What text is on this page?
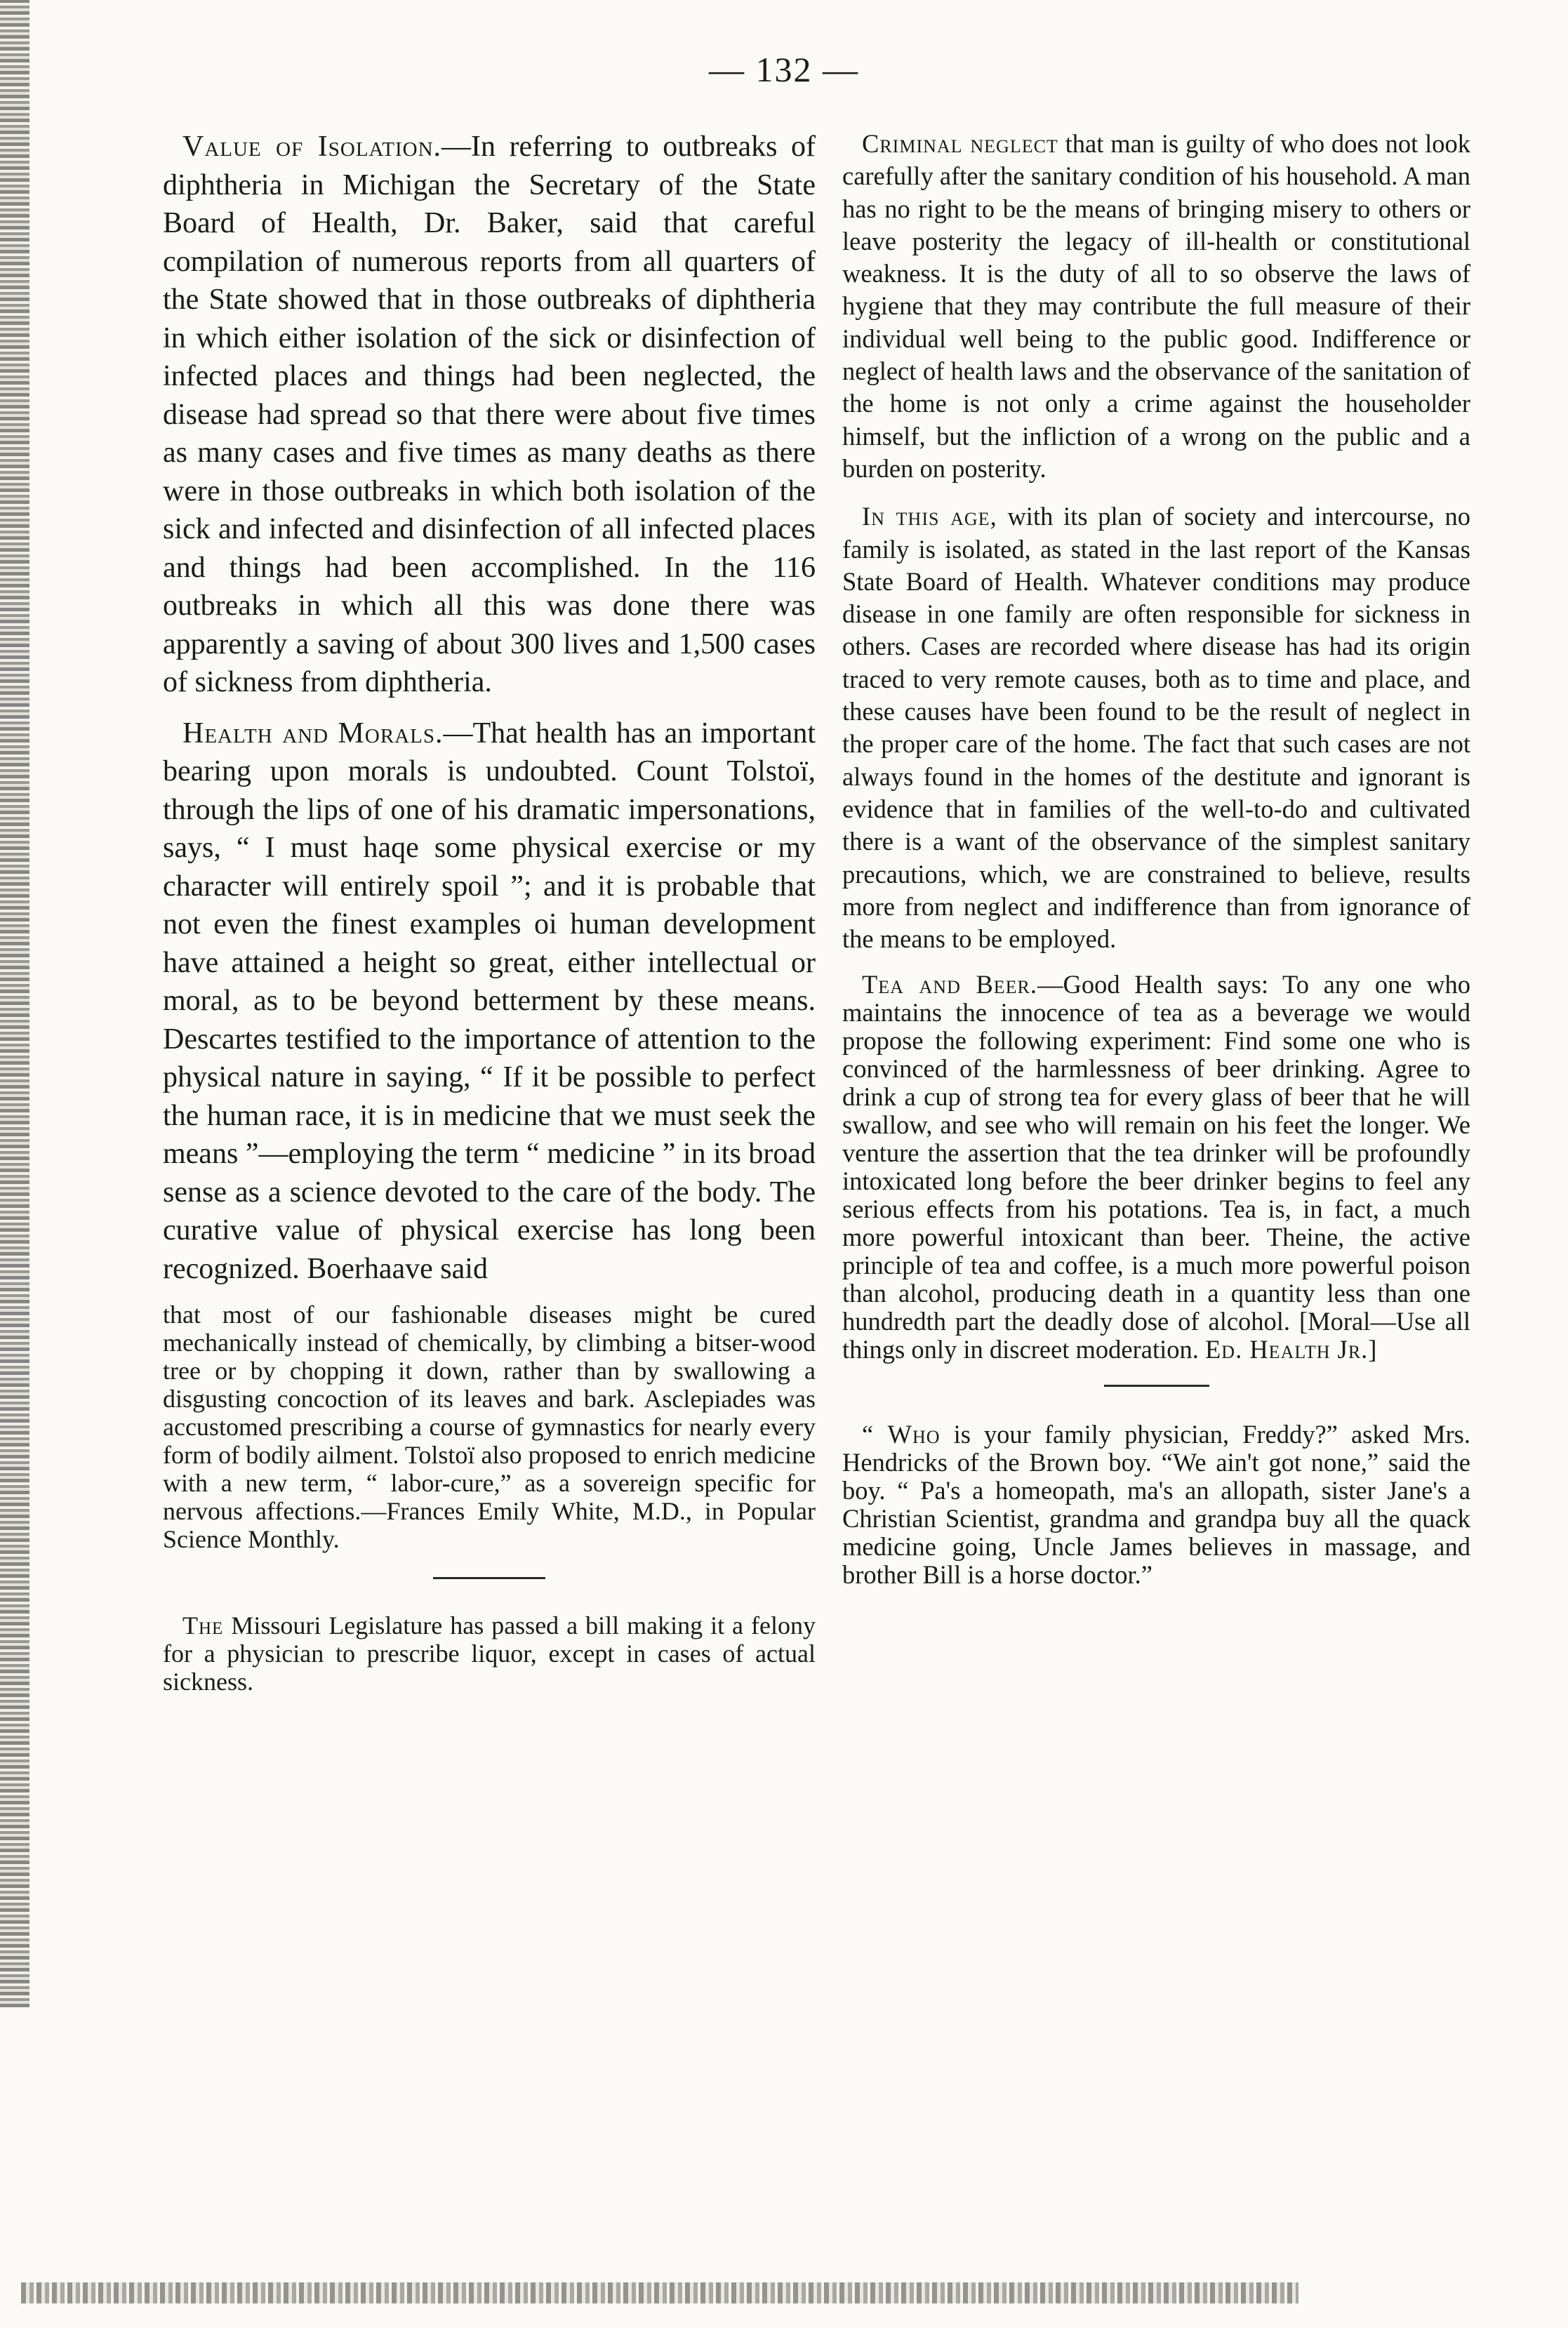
— 132 —

Value of Isolation.—In referring to outbreaks of diphtheria in Michigan the Secretary of the State Board of Health, Dr. Baker, said that careful compilation of numerous reports from all quarters of the State showed that in those outbreaks of diphtheria in which either isolation of the sick or disinfection of infected places and things had been neglected, the disease had spread so that there were about five times as many cases and five times as many deaths as there were in those outbreaks in which both isolation of the sick and infected and disinfection of all infected places and things had been accomplished. In the 116 outbreaks in which all this was done there was apparently a saving of about 300 lives and 1,500 cases of sickness from diphtheria.

Health and Morals.—That health has an important bearing upon morals is undoubted. Count Tolstoï, through the lips of one of his dramatic impersonations, says, “ I must haqe some physical exercise or my character will entirely spoil ”; and it is probable that not even the finest examples oi human development have attained a height so great, either intellectual or moral, as to be beyond betterment by these means. Descartes testified to the importance of attention to the physical nature in saying, “ If it be possible to perfect the human race, it is in medicine that we must seek the means ”—employing the term “ medicine ” in its broad sense as a science devoted to the care of the body. The curative value of physical exercise has long been recognized. Boerhaave said

that most of our fashionable diseases might be cured mechanically instead of chemically, by climbing a bitser-wood tree or by chopping it down, rather than by swallowing a disgusting concoction of its leaves and bark. Asclepiades was accustomed prescribing a course of gymnastics for nearly every form of bodily ailment. Tolstoï also proposed to enrich medicine with a new term, “ labor-cure,” as a sovereign specific for nervous affections.—Frances Emily White, M.D., in Popular Science Monthly.

The Missouri Legislature has passed a bill making it a felony for a physician to prescribe liquor, except in cases of actual sickness.

Criminal neglect that man is guilty of who does not look carefully after the sanitary condition of his household. A man has no right to be the means of bringing misery to others or leave posterity the legacy of ill-health or constitutional weakness. It is the duty of all to so observe the laws of hygiene that they may contribute the full measure of their individual well being to the public good. Indifference or neglect of health laws and the observance of the sanitation of the home is not only a crime against the householder himself, but the infliction of a wrong on the public and a burden on posterity.

In this age, with its plan of society and intercourse, no family is isolated, as stated in the last report of the Kansas State Board of Health. Whatever conditions may produce disease in one family are often responsible for sickness in others. Cases are recorded where disease has had its origin traced to very remote causes, both as to time and place, and these causes have been found to be the result of neglect in the proper care of the home. The fact that such cases are not always found in the homes of the destitute and ignorant is evidence that in families of the well-to-do and cultivated there is a want of the observance of the simplest sanitary precautions, which, we are constrained to believe, results more from neglect and indifference than from ignorance of the means to be employed.

Tea and Beer.—Good Health says: To any one who maintains the innocence of tea as a beverage we would propose the following experiment: Find some one who is convinced of the harmlessness of beer drinking. Agree to drink a cup of strong tea for every glass of beer that he will swallow, and see who will remain on his feet the longer. We venture the assertion that the tea drinker will be profoundly intoxicated long before the beer drinker begins to feel any serious effects from his potations. Tea is, in fact, a much more powerful intoxicant than beer. Theine, the active principle of tea and coffee, is a much more powerful poison than alcohol, producing death in a quantity less than one hundredth part the deadly dose of alcohol. [Moral—Use all things only in discreet moderation. Ed. Health Jr.]

“ Who is your family physician, Freddy?” asked Mrs. Hendricks of the Brown boy. “We ain't got none,” said the boy. “ Pa's a homeopath, ma's an allopath, sister Jane's a Christian Scientist, grandma and grandpa buy all the quack medicine going, Uncle James believes in massage, and brother Bill is a horse doctor.”
